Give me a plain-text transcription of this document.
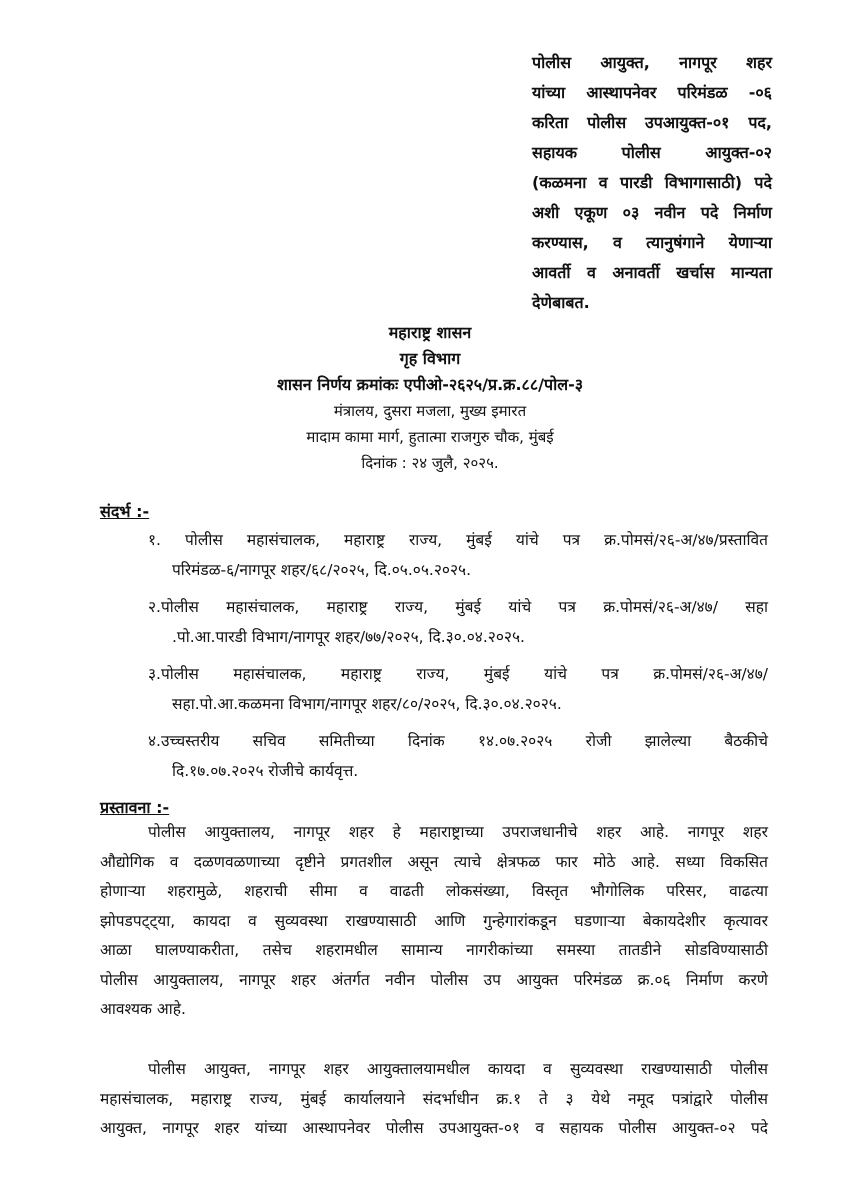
पोलीस आयुक्त, नागपूर शहर
यांच्या आस्थापनेवर परिमंडळ -०६
करिता पोलीस उपआयुक्त-०१ पद,
सहायक पोलीस आयुक्त-०२
(कळमना व पारडी विभागासाठी) पदे
अशी एकूण ०३ नवीन पदे निर्माण
करण्यास, व त्यानुषंगाने येणाऱ्या
आवर्ती व अनावर्ती खर्चास मान्यता
देणेबाबत.
महाराष्ट्र शासन
गृह विभाग
शासन निर्णय क्रमांकः एपीओ-२६२५/प्र.क्र.८८/पोल-३
मंत्रालय, दुसरा मजला, मुख्य इमारत
मादाम कामा मार्ग, हुतात्मा राजगुरु चौक, मुंबई
दिनांक : २४ जुलै, २०२५.
संदर्भ :-
१. पोलीस महासंचालक, महाराष्ट्र राज्य, मुंबई यांचे पत्र क्र.पोमसं/२६-अ/४७/प्रस्तावित
परिमंडळ-६/नागपूर शहर/६८/२०२५, दि.०५.०५.२०२५.
२.पोलीस महासंचालक, महाराष्ट्र राज्य, मुंबई यांचे पत्र क्र.पोमसं/२६-अ/४७/ सहा
.पो.आ.पारडी विभाग/नागपूर शहर/७७/२०२५, दि.३०.०४.२०२५.
३.पोलीस महासंचालक, महाराष्ट्र राज्य, मुंबई यांचे पत्र क्र.पोमसं/२६-अ/४७/
सहा.पो.आ.कळमना विभाग/नागपूर शहर/८०/२०२५, दि.३०.०४.२०२५.
४.उच्चस्तरीय सचिव समितीच्या दिनांक १४.०७.२०२५ रोजी झालेल्या बैठकीचे
दि.१७.०७.२०२५ रोजीचे कार्यवृत्त.
प्रस्तावना :-
पोलीस आयुक्तालय, नागपूर शहर हे महाराष्ट्राच्या उपराजधानीचे शहर आहे. नागपूर शहर
औद्योगिक व दळणवळणाच्या दृष्टीने प्रगतशील असून त्याचे क्षेत्रफळ फार मोठे आहे. सध्या विकसित
होणाऱ्या शहरामुळे, शहराची सीमा व वाढती लोकसंख्या, विस्तृत भौगोलिक परिसर, वाढत्या
झोपडपट्ट्या, कायदा व सुव्यवस्था राखण्यासाठी आणि गुन्हेगारांकडून घडणाऱ्या बेकायदेशीर कृत्यावर
आळा घालण्याकरीता, तसेच शहरामधील सामान्य नागरीकांच्या समस्या तातडीने सोडविण्यासाठी
पोलीस आयुक्तालय, नागपूर शहर अंतर्गत नवीन पोलीस उप आयुक्त परिमंडळ क्र.०६ निर्माण करणे
आवश्यक आहे.
पोलीस आयुक्त, नागपूर शहर आयुक्तालयामधील कायदा व सुव्यवस्था राखण्यासाठी पोलीस
महासंचालक, महाराष्ट्र राज्य, मुंबई कार्यालयाने संदर्भाधीन क्र.१ ते ३ येथे नमूद पत्रांद्वारे पोलीस
आयुक्त, नागपूर शहर यांच्या आस्थापनेवर पोलीस उपआयुक्त-०१ व सहायक पोलीस आयुक्त-०२ पदे
